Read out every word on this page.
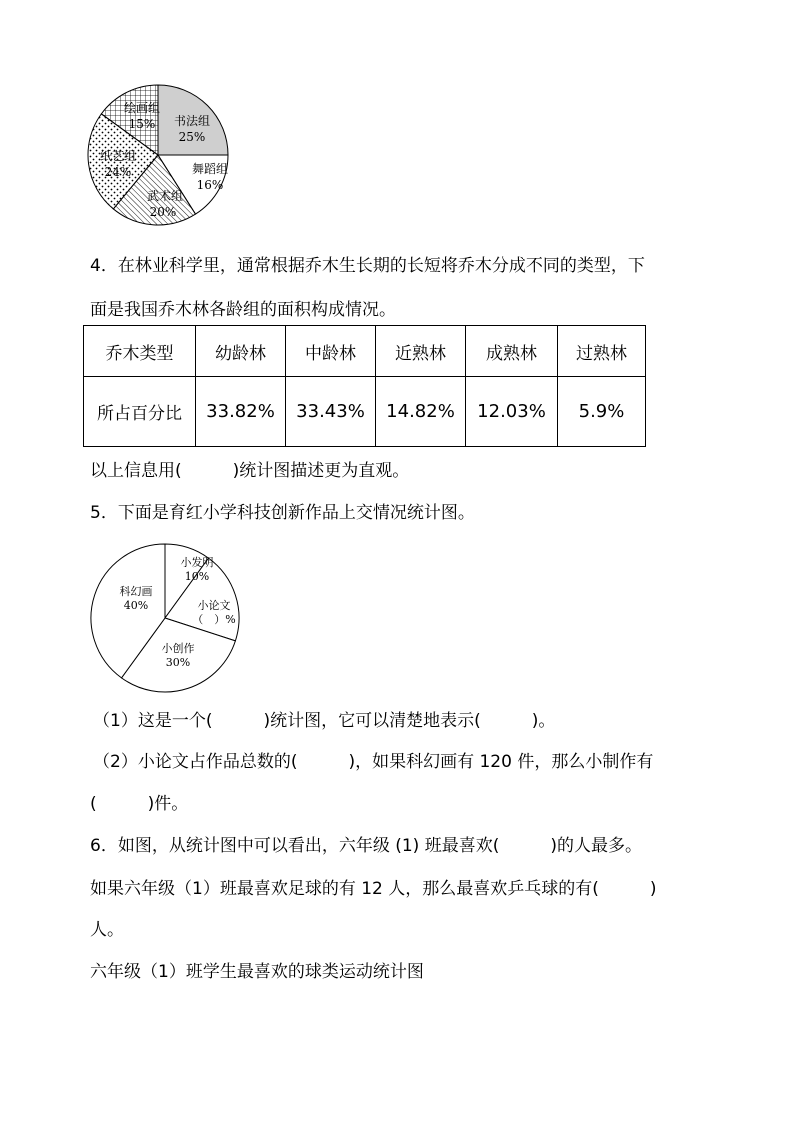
书法组
25%
舞蹈组
16%
武术组
20%
纸艺组
24%
绘画组
15%
4．在林业科学里，通常根据乔木生长期的长短将乔木分成不同的类型，下
面是我国乔木林各龄组的面积构成情况。
乔木类型	幼龄林	中龄林	近熟林	成熟林	过熟林
所占百分比	33.82%	33.43%	14.82%	12.03%	5.9%
以上信息用(　　　)统计图描述更为直观。
5．下面是育红小学科技创新作品上交情况统计图。
小发明
10%
小论文
（　）%
小创作
30%
科幻画
40%
（1）这是一个(　　　)统计图，它可以清楚地表示(　　　)。
（2）小论文占作品总数的(　　　)，如果科幻画有 120 件，那么小制作有
(　　　)件。
6．如图，从统计图中可以看出，六年级 (1) 班最喜欢(　　　)的人最多。
如果六年级（1）班最喜欢足球的有 12 人，那么最喜欢乒乓球的有(　　　)
人。
六年级（1）班学生最喜欢的球类运动统计图
